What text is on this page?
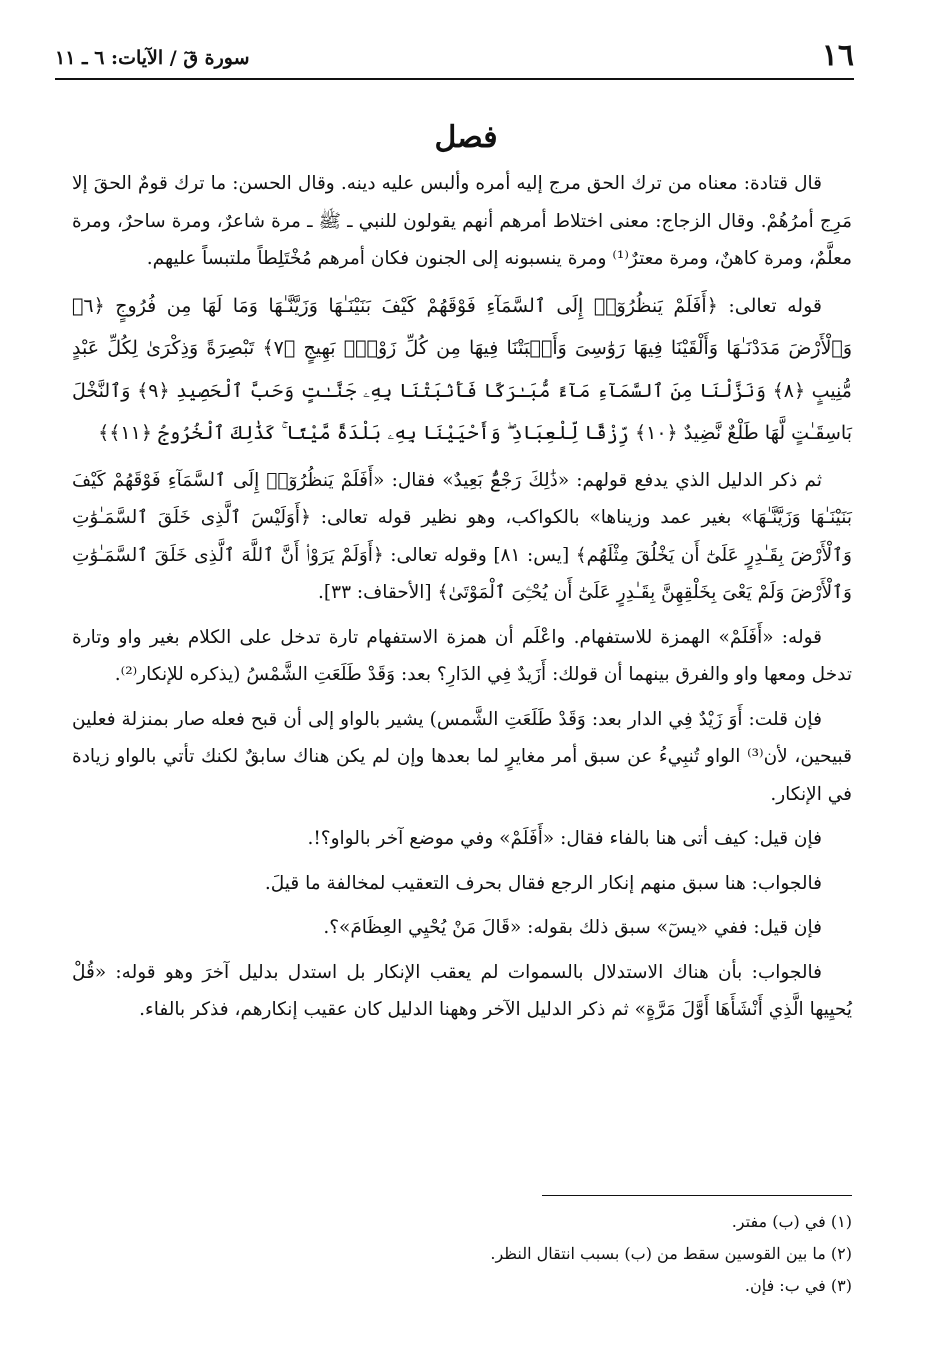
١٦
سورة قٓ / الآيات: ٦ ـ ١١
فصل

قال قتادة: معناه من ترك الحق مرج إليه أمره وألبس عليه دينه. وقال الحسن: ما ترك قومٌ الحقَ إلا مَرِج أمرُهُمْ. وقال الزجاج: معنى اختلاط أمرهم أنهم يقولون للنبي ـ ﷺ ـ مرة شاعرٌ، ومرة ساحرٌ، ومرة معلَّمٌ، ومرة كاهنٌ، ومرة معترٌ⁽¹⁾ ومرة ينسبونه إلى الجنون فكان أمرهم مُخْتَلِطاً ملتبساً عليهم.

قوله تعالى: ﴿أَفَلَمْ يَنظُرُوٓا۟ إِلَى ٱلسَّمَآءِ فَوْقَهُمْ كَيْفَ بَنَيْنَـٰهَا وَزَيَّنَّـٰهَا وَمَا لَهَا مِن فُرُوجٍ ﴿٦﴾ وَٱلْأَرْضَ مَدَدْنَـٰهَا وَأَلْقَيْنَا فِيهَا رَوَٰسِىَ وَأَنۢبَتْنَا فِيهَا مِن كُلِّ زَوْجٍۭ بَهِيجٍ ﴿٧﴾ تَبْصِرَةً وَذِكْرَىٰ لِكُلِّ عَبْدٍ مُّنِيبٍ ﴿٨﴾ وَنَزَّلْنَا مِنَ ٱلسَّمَآءِ مَآءً مُّبَـٰرَكًا فَأَنۢبَتْنَا بِهِۦ جَنَّـٰتٍ وَحَبَّ ٱلْحَصِيدِ ﴿٩﴾ وَٱلنَّخْلَ بَاسِقَـٰتٍ لَّهَا طَلْعٌ نَّضِيدٌ ﴿١٠﴾ رِّزْقًا لِّلْعِبَادِ ۖ وَأَحْيَيْنَا بِهِۦ بَلْدَةً مَّيْتًا ۚ كَذَٰلِكَ ٱلْخُرُوجُ ﴿١١﴾﴾

ثم ذكر الدليل الذي يدفع قولهم: «ذَٰلِكَ رَجْعٌۢ بَعِيدٌ» فقال: «أَفَلَمْ يَنظُرُوٓا۟ إِلَى ٱلسَّمَآءِ فَوْقَهُمْ كَيْفَ بَنَيْنَـٰهَا وَزَيَّنَّـٰهَا» بغير عمد وزيناها» بالكواكب، وهو نظير قوله تعالى: ﴿أَوَلَيْسَ ٱلَّذِى خَلَقَ ٱلسَّمَـٰوَٰتِ وَٱلْأَرْضَ بِقَـٰدِرٍ عَلَىٰٓ أَن يَخْلُقَ مِثْلَهُم﴾ [يس: ٨١] وقوله تعالى: ﴿أَوَلَمْ يَرَوْا۟ أَنَّ ٱللَّهَ ٱلَّذِى خَلَقَ ٱلسَّمَـٰوَٰتِ وَٱلْأَرْضَ وَلَمْ يَعْىَ بِخَلْقِهِنَّ بِقَـٰدِرٍ عَلَىٰٓ أَن يُحْـِۧىَ ٱلْمَوْتَىٰ﴾ [الأحقاف: ٣٣].

قوله: «أَفَلَمْ» الهمزة للاستفهام. واعْلَم أن همزة الاستفهام تارة تدخل على الكلام بغير واو وتارة تدخل ومعها واو والفرق بينهما أن قولك: أَزَيدٌ فِي الدَارِ؟ بعد: وَقَدْ طَلَعَتِ الشَّمْسُ (يذكره للإنكار⁽²⁾.

فإن قلت: أَوَ زَيْدٌ فِي الدار بعد: وَقَدْ طَلَعَتِ الشَّمس) يشير بالواو إلى أن قبح فعله صار بمنزلة فعلين قبيحين، لأن⁽³⁾ الواو تُنبِيءُ عن سبق أمر مغايرٍ لما بعدها وإن لم يكن هناك سابقٌ لكنك تأتي بالواو زيادة في الإنكار.

فإن قيل: كيف أتى هنا بالفاء فقال: «أَفَلَمْ» وفي موضع آخر بالواو؟!.

فالجواب: هنا سبق منهم إنكار الرجع فقال بحرف التعقيب لمخالفة ما قيلَ.

فإن قيل: ففي «يسٓ» سبق ذلك بقوله: «قَالَ مَنْ يُحْيِي العِظَامَ»؟.

فالجواب: بأن هناك الاستدلال بالسموات لم يعقب الإنكار بل استدل بدليل آخرَ وهو قوله: «قُلْ يُحيِيها الَّذِي أَنْشَأَهَا أَوَّلَ مَرَّةٍ» ثم ذكر الدليل الآخر وههنا الدليل كان عقيب إنكارهم، فذكر بالفاء.

(١) في (ب) مفتر.

(٢) ما بين القوسين سقط من (ب) بسبب انتقال النظر.

(٣) في ب: فإن.
